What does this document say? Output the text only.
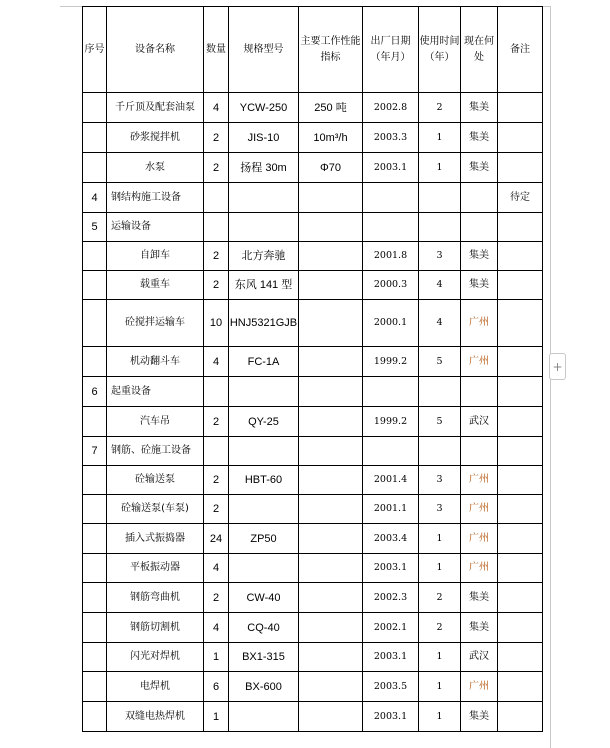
序号	设备名称	数量	规格型号	主要工作性能指标	出厂日期（年月）	使用时间（年）	现在何处	备注
	千斤顶及配套油泵	4	YCW-250	250 吨	2002.8	2	集美	
	砂浆搅拌机	2	JIS-10	10m³/h	2003.3	1	集美	
	水泵	2	扬程 30m	Φ70	2003.1	1	集美	
4	钢结构施工设备							待定
5	运输设备							
	自卸车	2	北方奔驰		2001.8	3	集美	
	载重车	2	东风 141 型		2000.3	4	集美	
	砼搅拌运输车	10	HNJ5321GJB		2000.1	4	广州	
	机动翻斗车	4	FC-1A		1999.2	5	广州	
6	起重设备							
	汽车吊	2	QY-25		1999.2	5	武汉	
7	钢筋、砼施工设备							
	砼输送泵	2	HBT-60		2001.4	3	广州	
	砼输送泵(车泵)	2			2001.1	3	广州	
	插入式振捣器	24	ZP50		2003.4	1	广州	
	平板振动器	4			2003.1	1	广州	
	钢筋弯曲机	2	CW-40		2002.3	2	集美	
	钢筋切割机	4	CQ-40		2002.1	2	集美	
	闪光对焊机	1	BX1-315		2003.1	1	武汉	
	电焊机	6	BX-600		2003.5	1	广州	
	双缝电热焊机	1			2003.1	1	集美	
+
